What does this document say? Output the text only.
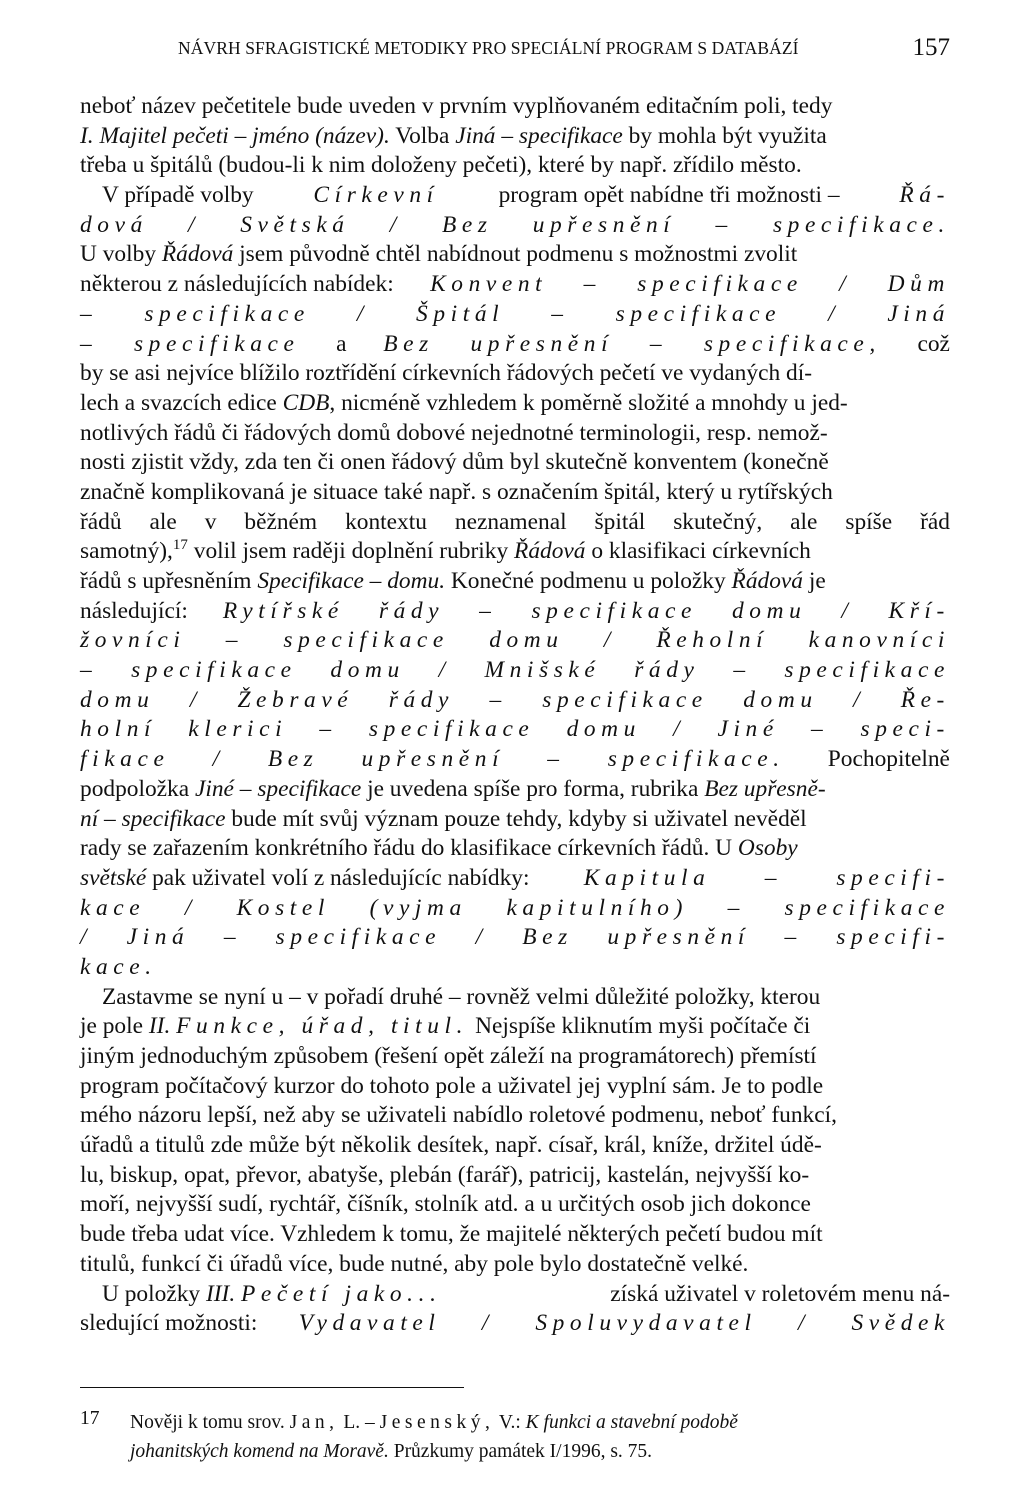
NÁVRH SFRAGISTICKÉ METODIKY PRO SPECIÁLNÍ PROGRAM S DATABÁZÍ	157
neboť název pečetitele bude uveden v prvním vyplňovaném editačním poli, tedy
I. Majitel pečeti – jméno (název). Volba Jiná – specifikace by mohla být využita
třeba u špitálů (budou-li k nim doloženy pečeti), které by např. zřídilo město.
V případě volby	Církevní	program opět nabídne tři možnosti –	Řá-
dová / Světská / Bez upřesnění – specifikace.
U volby Řádová jsem původně chtěl nabídnout podmenu s možnostmi zvolit
některou z následujících nabídek: Konvent – specifikace / Dům
– specifikace / Špitál – specifikace / Jiná
– specifikace a Bez upřesnění – specifikace, což
by se asi nejvíce blížilo roztřídění církevních řádových pečetí ve vydaných dí-
lech a svazcích edice CDB, nicméně vzhledem k poměrně složité a mnohdy u jed-
notlivých řádů či řádových domů dobové nejednotné terminologii, resp. nemož-
nosti zjistit vždy, zda ten či onen řádový dům byl skutečně konventem (konečně
značně komplikovaná je situace také např. s označením špitál, který u rytířských
řádů ale v běžném kontextu neznamenal špitál skutečný, ale spíše řád
samotný),$^{17}$ volil jsem raději doplnění rubriky Řádová o klasifikaci církevních
řádů s upřesněním Specifikace – domu. Konečné podmenu u položky Řádová je
následující: Rytířské řády – specifikace domu / Kří-
žovníci – specifikace domu / Řeholní kanovníci
– specifikace domu / Mnišské řády – specifikace
domu / Žebravé řády – specifikace domu / Ře-
holní klerici – specifikace domu / Jiné – speci-
fikace / Bez upřesnění – specifikace. Pochopitelně
podpoložka Jiné – specifikace je uvedena spíše pro forma, rubrika Bez upřesně-
ní – specifikace bude mít svůj význam pouze tehdy, kdyby si uživatel nevěděl
rady se zařazením konkrétního řádu do klasifikace církevních řádů. U Osoby
světské pak uživatel volí z následujícíc nabídky: Kapitula – specifi-
kace / Kostel (vyjma kapitulního) – specifikace
/ Jiná – specifikace / Bez upřesnění – specifi-
kace.
Zastavme se nyní u – v pořadí druhé – rovněž velmi důležité položky, kterou
je pole II. Funkce, úřad, titul. Nejspíše kliknutím myši počítače či
jiným jednoduchým způsobem (řešení opět záleží na programátorech) přemístí
program počítačový kurzor do tohoto pole a uživatel jej vyplní sám. Je to podle
mého názoru lepší, než aby se uživateli nabídlo roletové podmenu, neboť funkcí,
úřadů a titulů zde může být několik desítek, např. císař, král, kníže, držitel údě-
lu, biskup, opat, převor, abatyše, plebán (farář), patricij, kastelán, nejvyšší ko-
moří, nejvyšší sudí, rychtář, číšník, stolník atd. a u určitých osob jich dokonce
bude třeba udat více. Vzhledem k tomu, že majitelé některých pečetí budou mít
titulů, funkcí či úřadů více, bude nutné, aby pole bylo dostatečně velké.
U položky III. Pečetí jako...	získá uživatel v roletovém menu ná-
sledující možnosti: Vydavatel / Spoluvydavatel / Svědek
17 Nověji k tomu srov. Jan, L. – Jesenský, V.: K funkci a stavební podobě
johanitských komend na Moravě. Průzkumy památek I/1996, s. 75.
